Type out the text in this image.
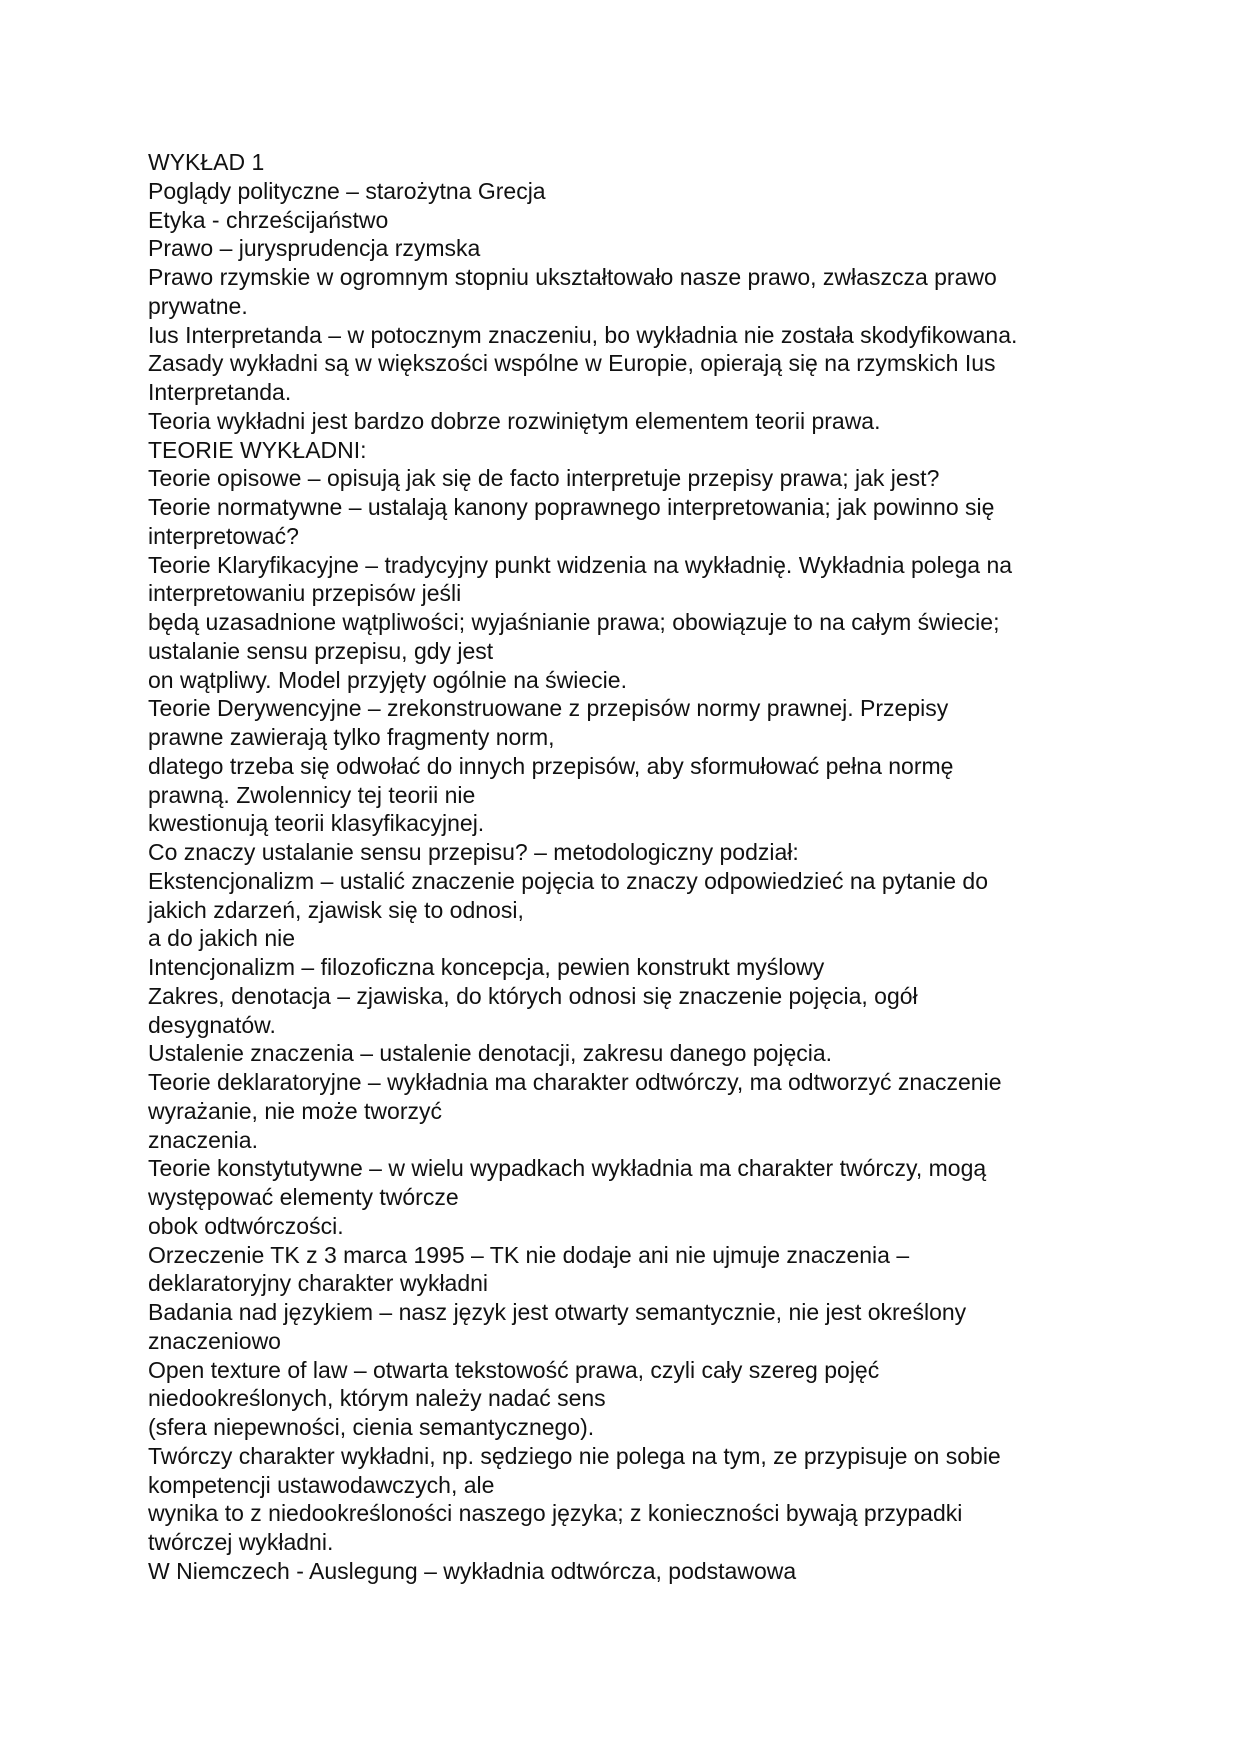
WYKŁAD 1
Poglądy polityczne – starożytna Grecja
Etyka - chrześcijaństwo
Prawo – jurysprudencja rzymska
Prawo rzymskie w ogromnym stopniu ukształtowało nasze prawo, zwłaszcza prawo
prywatne.
Ius Interpretanda – w potocznym znaczeniu, bo wykładnia nie została skodyfikowana.
Zasady wykładni są w większości wspólne w Europie, opierają się na rzymskich Ius
Interpretanda.
Teoria wykładni jest bardzo dobrze rozwiniętym elementem teorii prawa.
TEORIE WYKŁADNI:
Teorie opisowe – opisują jak się de facto interpretuje przepisy prawa; jak jest?
Teorie normatywne – ustalają kanony poprawnego interpretowania; jak powinno się
interpretować?
Teorie Klaryfikacyjne – tradycyjny punkt widzenia na wykładnię. Wykładnia polega na
interpretowaniu przepisów jeśli
będą uzasadnione wątpliwości; wyjaśnianie prawa; obowiązuje to na całym świecie;
ustalanie sensu przepisu, gdy jest
on wątpliwy. Model przyjęty ogólnie na świecie.
Teorie Derywencyjne – zrekonstruowane z przepisów normy prawnej. Przepisy
prawne zawierają tylko fragmenty norm,
dlatego trzeba się odwołać do innych przepisów, aby sformułować pełna normę
prawną. Zwolennicy tej teorii nie
kwestionują teorii klasyfikacyjnej.
Co znaczy ustalanie sensu przepisu? – metodologiczny podział:
Ekstencjonalizm – ustalić znaczenie pojęcia to znaczy odpowiedzieć na pytanie do
jakich zdarzeń, zjawisk się to odnosi,
a do jakich nie
Intencjonalizm – filozoficzna koncepcja, pewien konstrukt myślowy
Zakres, denotacja – zjawiska, do których odnosi się znaczenie pojęcia, ogół
desygnatów.
Ustalenie znaczenia – ustalenie denotacji, zakresu danego pojęcia.
Teorie deklaratoryjne – wykładnia ma charakter odtwórczy, ma odtworzyć znaczenie
wyrażanie, nie może tworzyć
znaczenia.
Teorie konstytutywne – w wielu wypadkach wykładnia ma charakter twórczy, mogą
występować elementy twórcze
obok odtwórczości.
Orzeczenie TK z 3 marca 1995 – TK nie dodaje ani nie ujmuje znaczenia –
deklaratoryjny charakter wykładni
Badania nad językiem – nasz język jest otwarty semantycznie, nie jest określony
znaczeniowo
Open texture of law – otwarta tekstowość prawa, czyli cały szereg pojęć
niedookreślonych, którym należy nadać sens
(sfera niepewności, cienia semantycznego).
Twórczy charakter wykładni, np. sędziego nie polega na tym, ze przypisuje on sobie
kompetencji ustawodawczych, ale
wynika to z niedookreśloności naszego języka; z konieczności bywają przypadki
twórczej wykładni.
W Niemczech - Auslegung – wykładnia odtwórcza, podstawowa
